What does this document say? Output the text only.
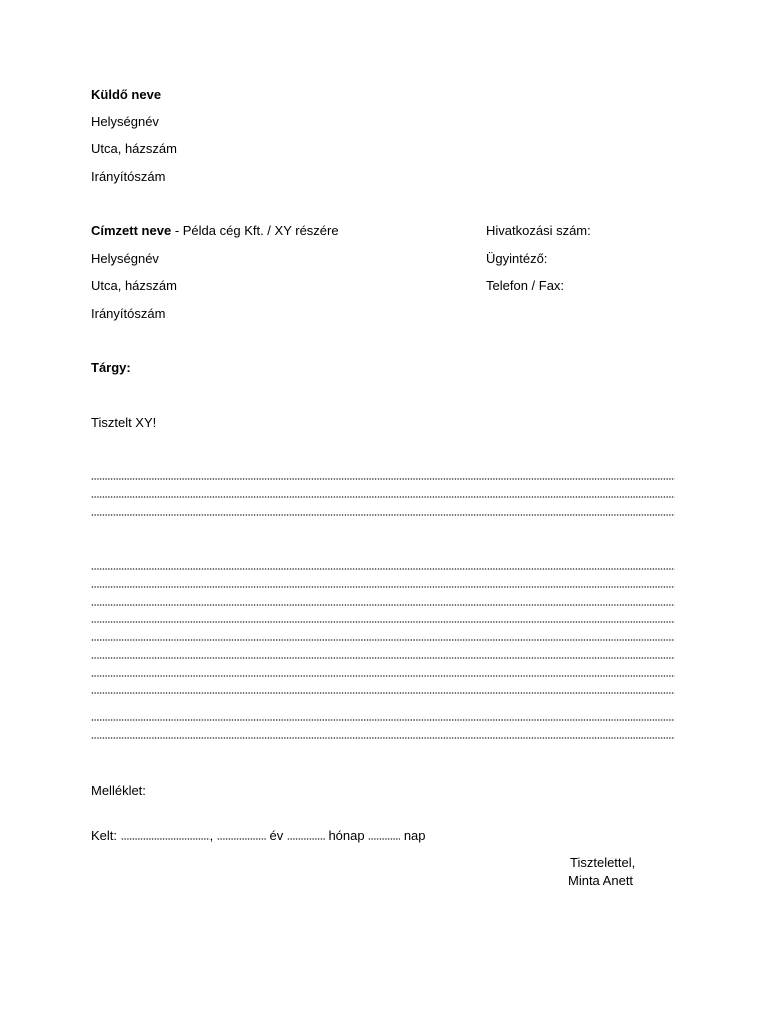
Küldő neve
Helységnév
Utca, házszám
Irányítószám
Címzett neve - Példa cég Kft. / XY részére
Helységnév
Utca, házszám
Irányítószám
Hivatkozási szám:
Ügyintéző:
Telefon / Fax:
Tárgy:
Tisztelt XY!
Melléklet:
Kelt:	,	év	hónap  nap
Tisztelettel,
Minta Anett
